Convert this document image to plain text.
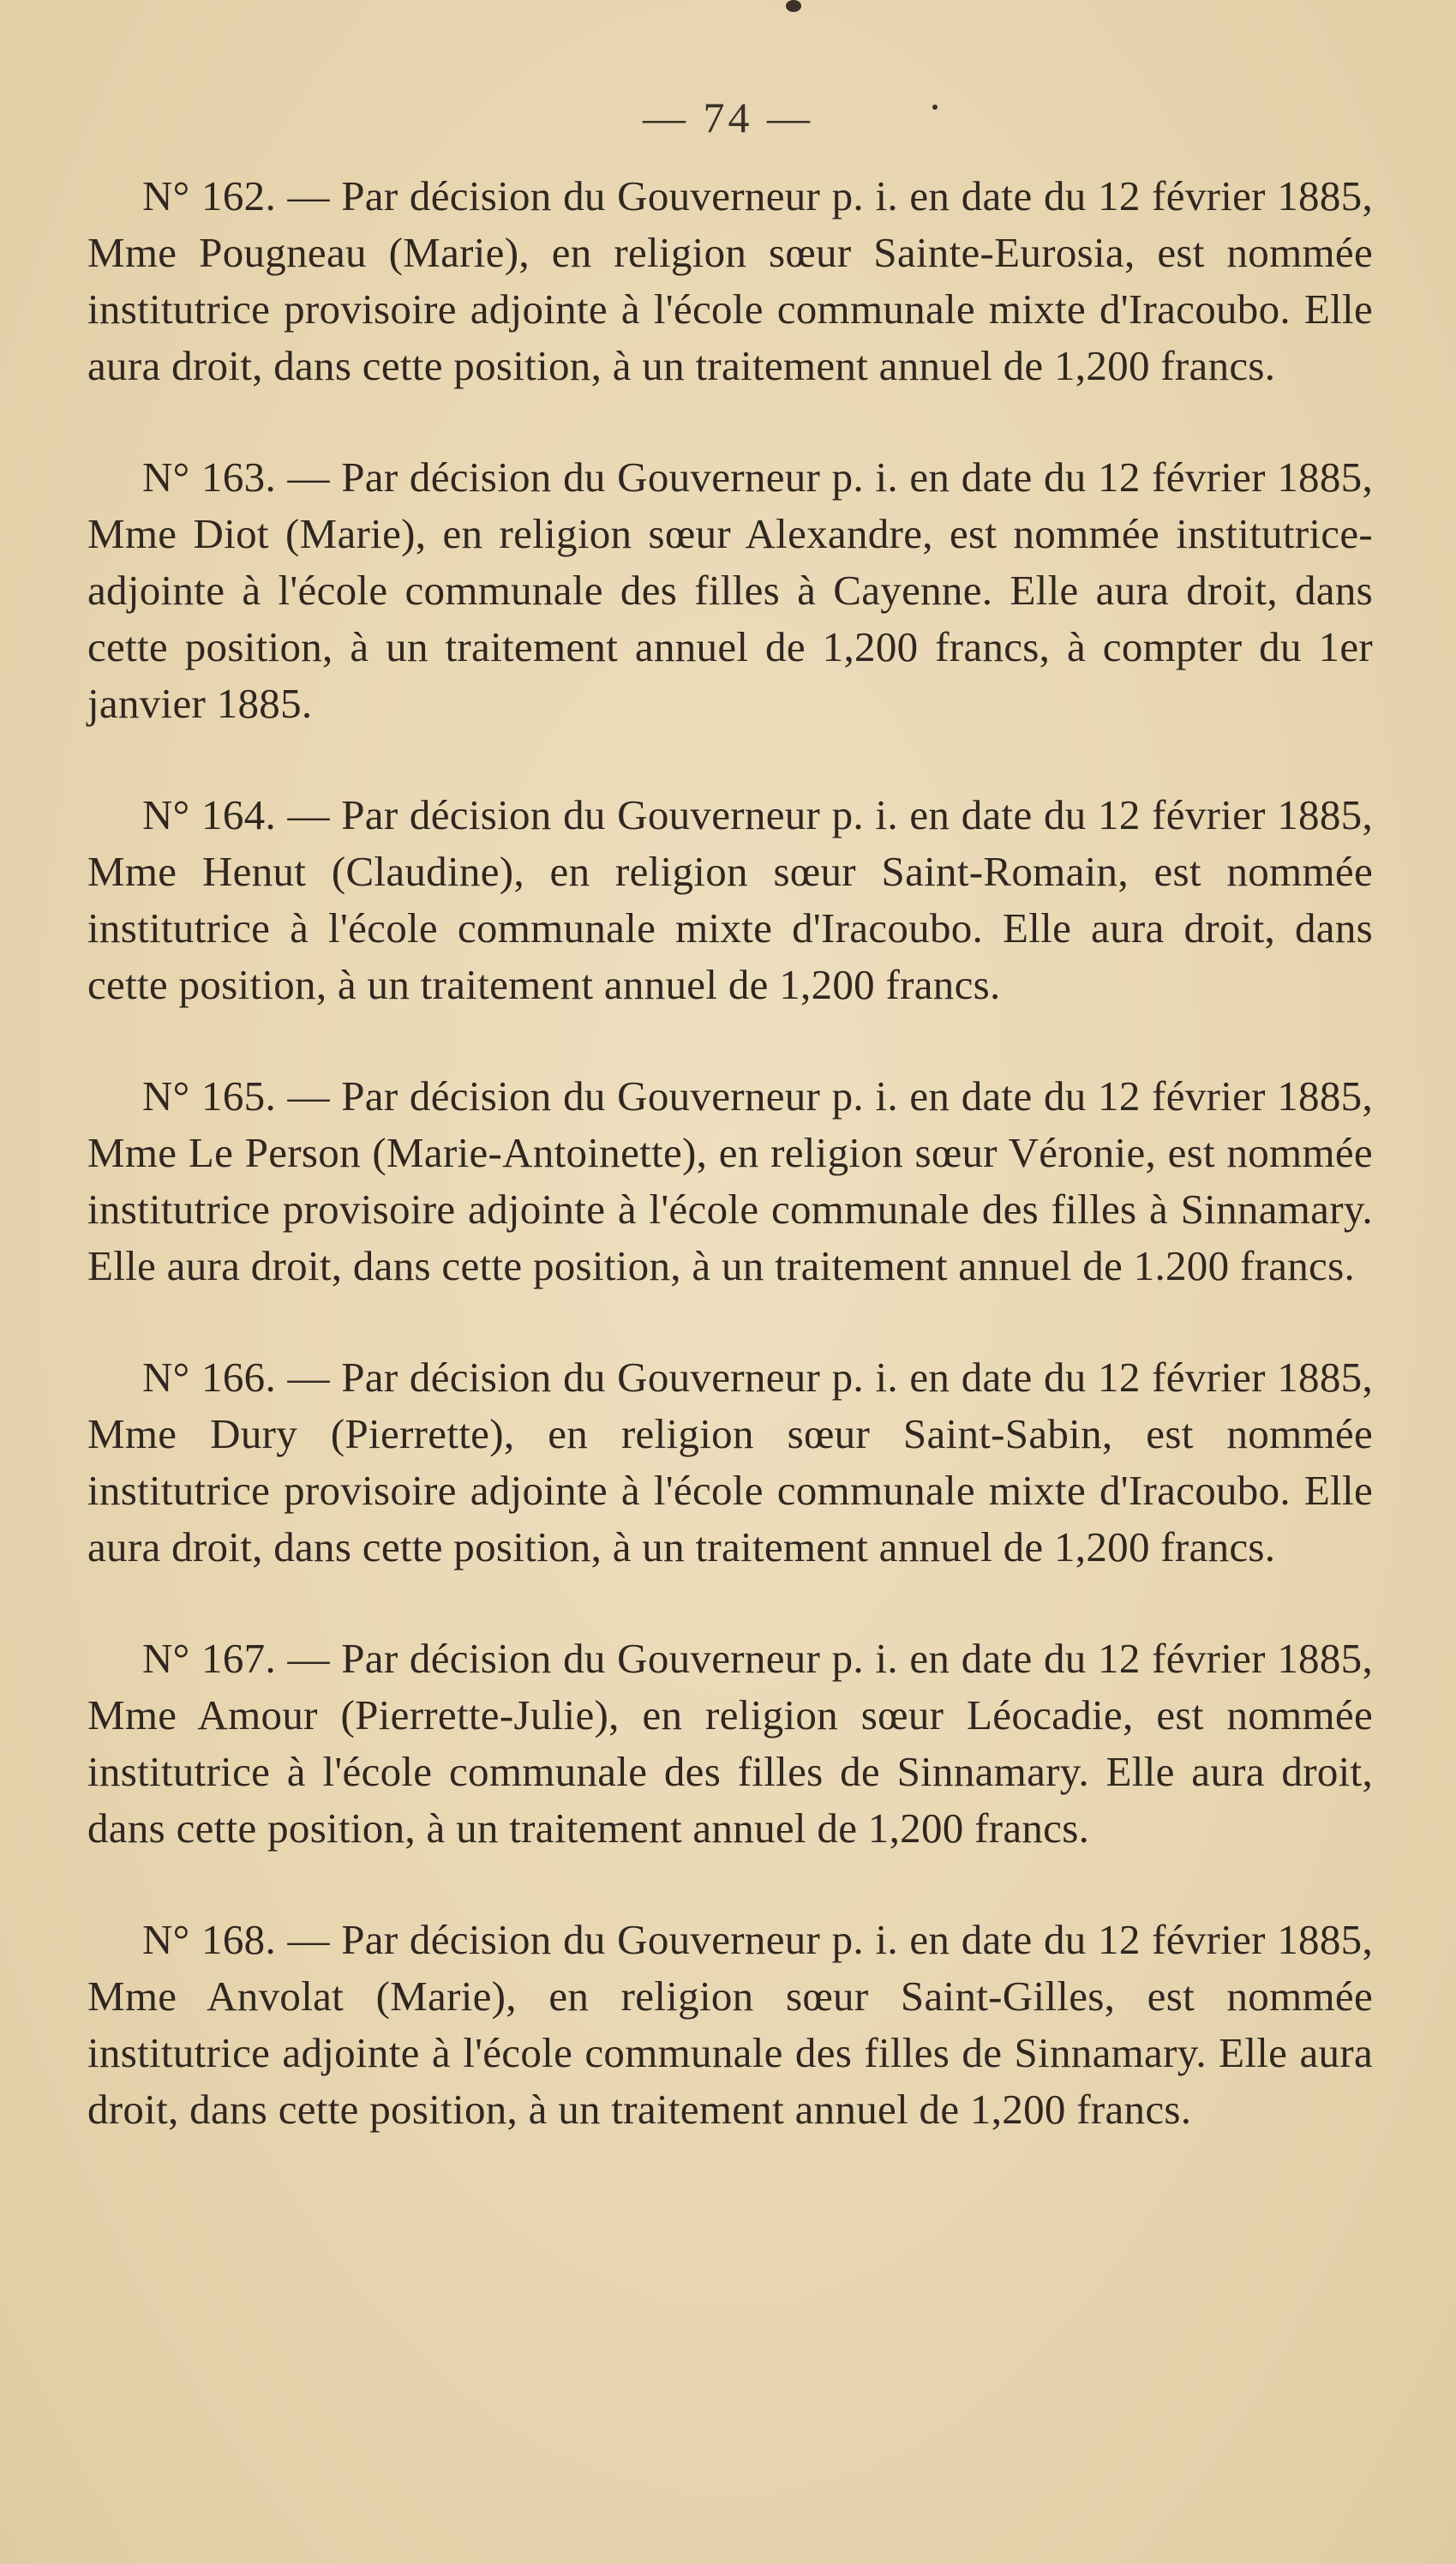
— 74 —

N° 162. — Par décision du Gouverneur p. i. en date du 12 février 1885, Mme Pougneau (Marie), en religion sœur Sainte-Eurosia, est nommée institutrice provisoire adjointe à l'école communale mixte d'Iracoubo. Elle aura droit, dans cette position, à un traitement annuel de 1,200 francs.

N° 163. — Par décision du Gouverneur p. i. en date du 12 février 1885, Mme Diot (Marie), en religion sœur Alexandre, est nommée institutrice-adjointe à l'école communale des filles à Cayenne. Elle aura droit, dans cette position, à un traitement annuel de 1,200 francs, à compter du 1er janvier 1885.

N° 164. — Par décision du Gouverneur p. i. en date du 12 février 1885, Mme Henut (Claudine), en religion sœur Saint-Romain, est nommée institutrice à l'école communale mixte d'Iracoubo. Elle aura droit, dans cette position, à un traitement annuel de 1,200 francs.

N° 165. — Par décision du Gouverneur p. i. en date du 12 février 1885, Mme Le Person (Marie-Antoinette), en religion sœur Véronie, est nommée institutrice provisoire adjointe à l'école communale des filles à Sinnamary. Elle aura droit, dans cette position, à un traitement annuel de 1.200 francs.

N° 166. — Par décision du Gouverneur p. i. en date du 12 février 1885, Mme Dury (Pierrette), en religion sœur Saint-Sabin, est nommée institutrice provisoire adjointe à l'école communale mixte d'Iracoubo. Elle aura droit, dans cette position, à un traitement annuel de 1,200 francs.

N° 167. — Par décision du Gouverneur p. i. en date du 12 février 1885, Mme Amour (Pierrette-Julie), en religion sœur Léocadie, est nommée institutrice à l'école communale des filles de Sinnamary. Elle aura droit, dans cette position, à un traitement annuel de 1,200 francs.

N° 168. — Par décision du Gouverneur p. i. en date du 12 février 1885, Mme Anvolat (Marie), en religion sœur Saint-Gilles, est nommée institutrice adjointe à l'école communale des filles de Sinnamary. Elle aura droit, dans cette position, à un traitement annuel de 1,200 francs.
